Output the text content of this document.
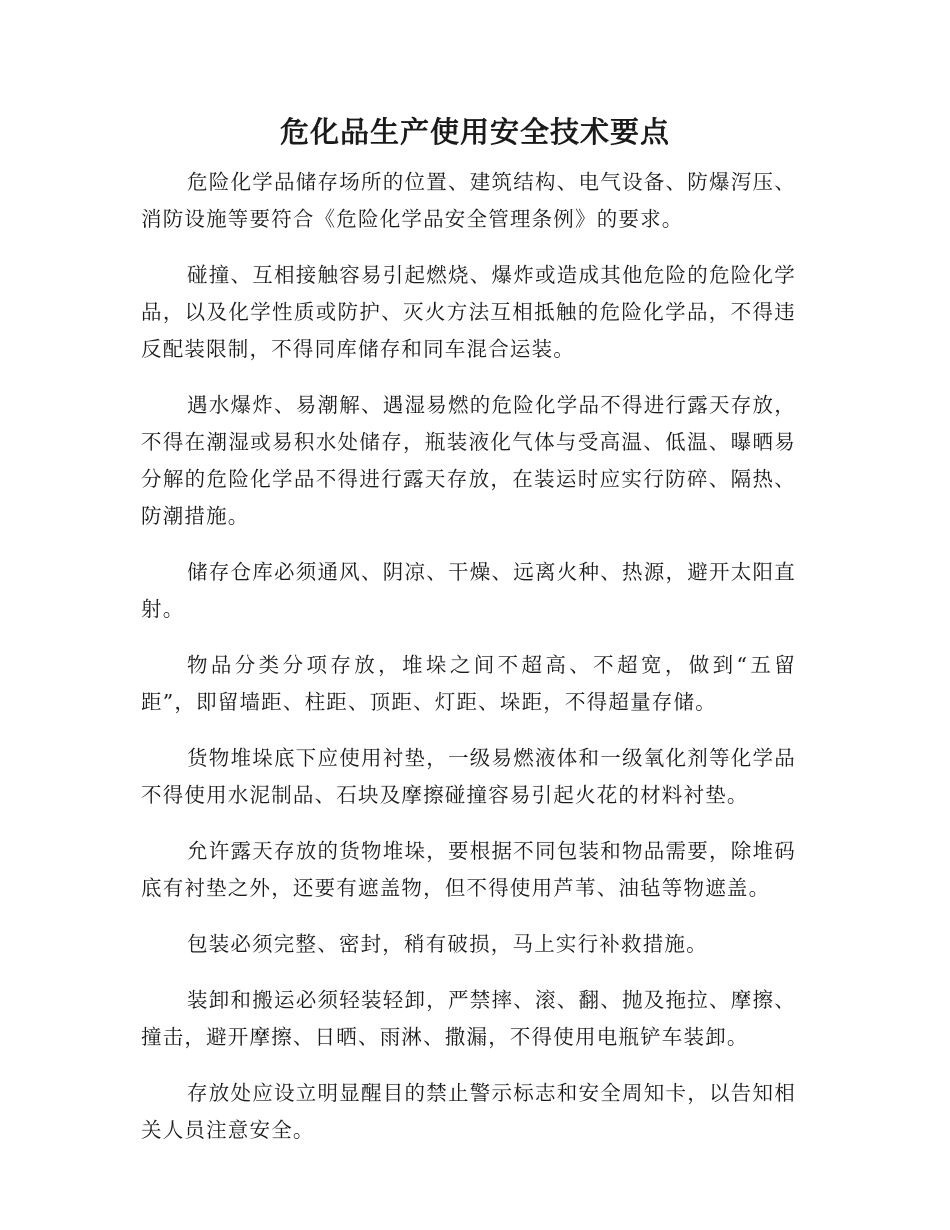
危化品生产使用安全技术要点

危险化学品储存场所的位置、建筑结构、电气设备、防爆泻压、消防设施等要符合《危险化学品安全管理条例》的要求。

碰撞、互相接触容易引起燃烧、爆炸或造成其他危险的危险化学品，以及化学性质或防护、灭火方法互相抵触的危险化学品，不得违反配装限制，不得同库储存和同车混合运装。

遇水爆炸、易潮解、遇湿易燃的危险化学品不得进行露天存放，不得在潮湿或易积水处储存，瓶装液化气体与受高温、低温、曝晒易分解的危险化学品不得进行露天存放，在装运时应实行防碎、隔热、防潮措施。

储存仓库必须通风、阴凉、干燥、远离火种、热源，避开太阳直射。

物品分类分项存放，堆垛之间不超高、不超宽，做到“五留距”，即留墙距、柱距、顶距、灯距、垛距，不得超量存储。

货物堆垛底下应使用衬垫，一级易燃液体和一级氧化剂等化学品不得使用水泥制品、石块及摩擦碰撞容易引起火花的材料衬垫。

允许露天存放的货物堆垛，要根据不同包装和物品需要，除堆码底有衬垫之外，还要有遮盖物，但不得使用芦苇、油毡等物遮盖。

包装必须完整、密封，稍有破损，马上实行补救措施。

装卸和搬运必须轻装轻卸，严禁摔、滚、翻、抛及拖拉、摩擦、撞击，避开摩擦、日晒、雨淋、撒漏，不得使用电瓶铲车装卸。

存放处应设立明显醒目的禁止警示标志和安全周知卡，以告知相关人员注意安全。
